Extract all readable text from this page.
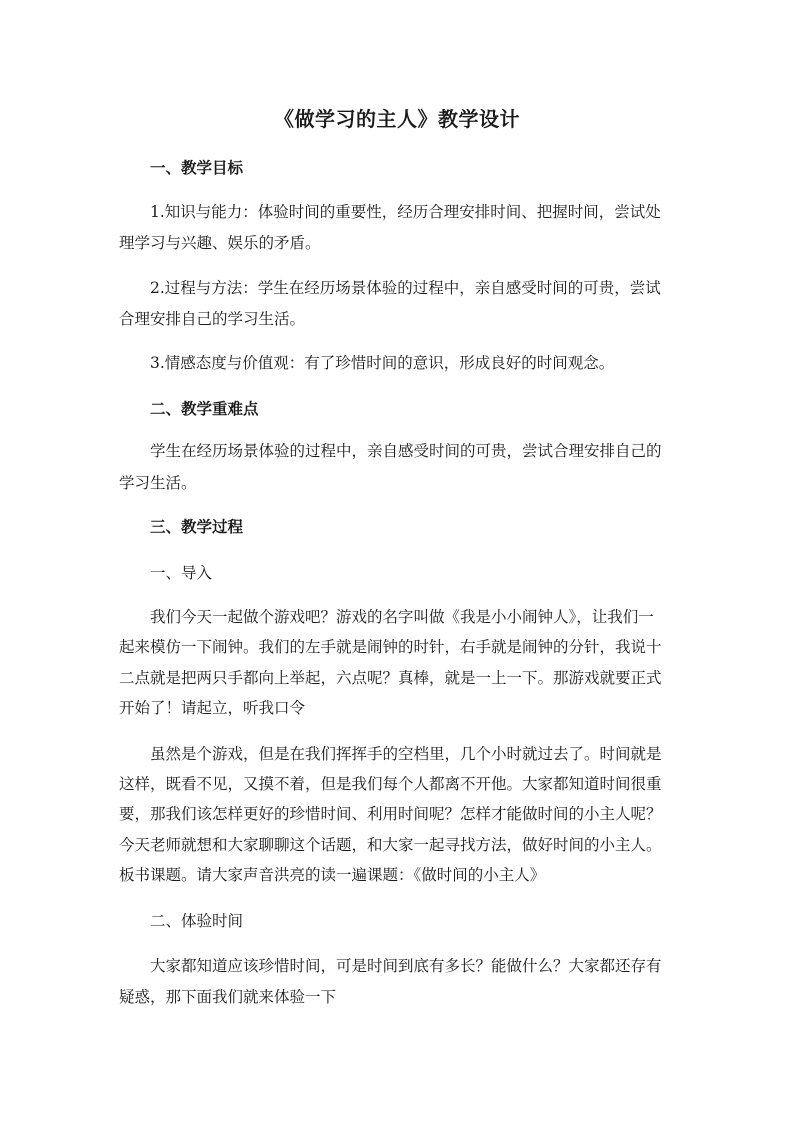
《做学习的主人》教学设计
一、教学目标
1.知识与能力：体验时间的重要性，经历合理安排时间、把握时间，尝试处
理学习与兴趣、娱乐的矛盾。
2.过程与方法：学生在经历场景体验的过程中，亲自感受时间的可贵，尝试
合理安排自己的学习生活。
3.情感态度与价值观：有了珍惜时间的意识，形成良好的时间观念。
二、教学重难点
学生在经历场景体验的过程中，亲自感受时间的可贵，尝试合理安排自己的
学习生活。
三、教学过程
一、导入
我们今天一起做个游戏吧？游戏的名字叫做《我是小小闹钟人》，让我们一
起来模仿一下闹钟。我们的左手就是闹钟的时针，右手就是闹钟的分针，我说十
二点就是把两只手都向上举起，六点呢？真棒，就是一上一下。那游戏就要正式
开始了！请起立，听我口令
虽然是个游戏，但是在我们挥挥手的空档里，几个小时就过去了。时间就是
这样，既看不见，又摸不着，但是我们每个人都离不开他。大家都知道时间很重
要，那我们该怎样更好的珍惜时间、利用时间呢？怎样才能做时间的小主人呢？
今天老师就想和大家聊聊这个话题，和大家一起寻找方法，做好时间的小主人。
板书课题。请大家声音洪亮的读一遍课题：《做时间的小主人》
二、体验时间
大家都知道应该珍惜时间，可是时间到底有多长？能做什么？大家都还存有
疑惑，那下面我们就来体验一下
